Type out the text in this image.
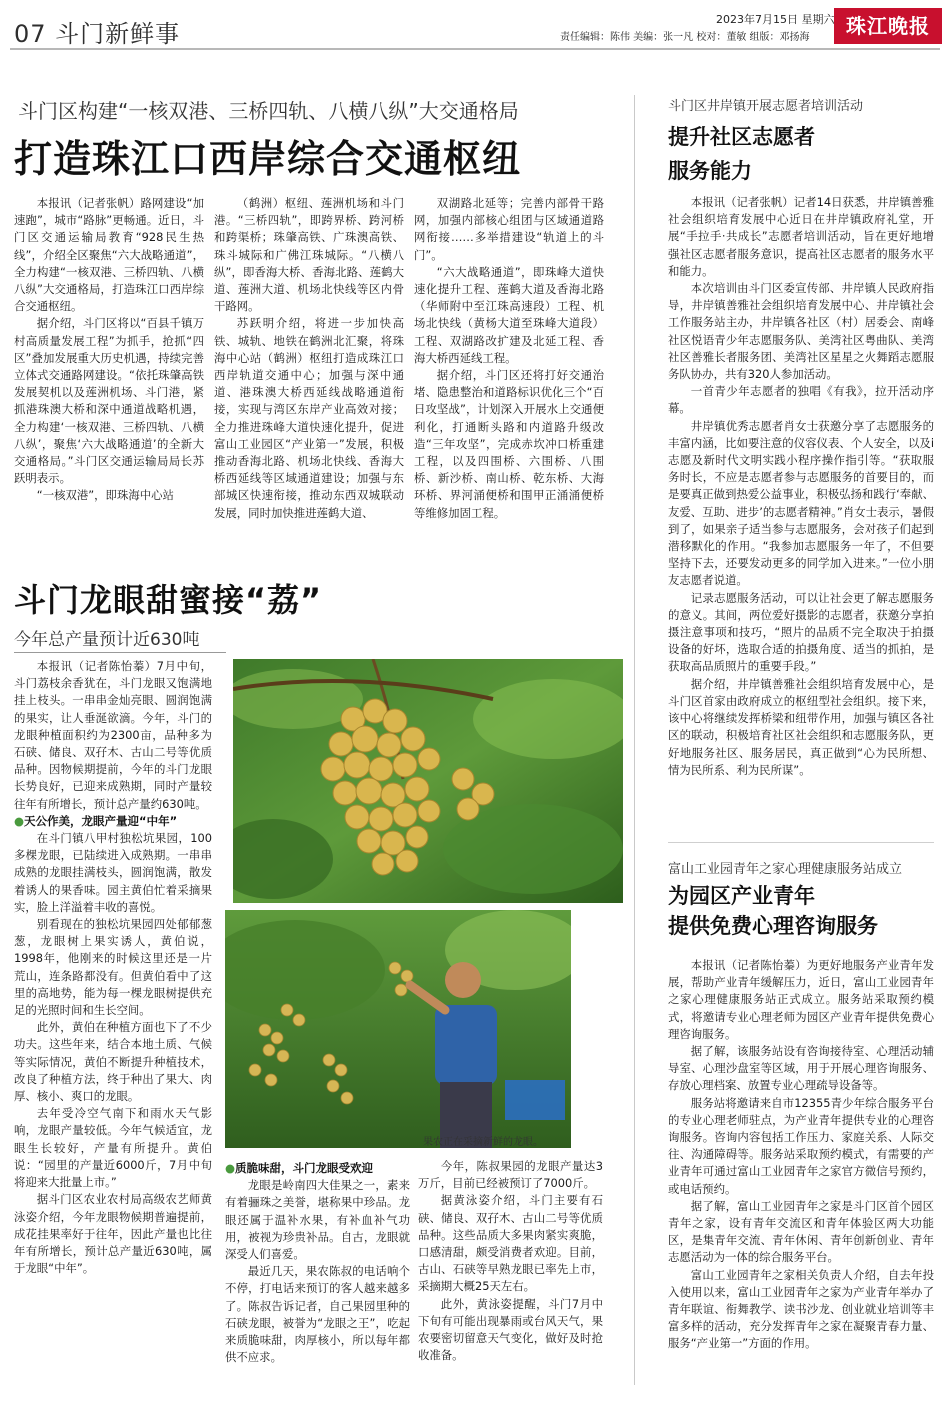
07 斗门新鲜事
2023年7月15日 星期六
责任编辑：陈伟 美编：张一凡 校对：董敏 组版：邓扬海	珠江晚报
斗门区构建“一核双港、三桥四轨、八横八纵”大交通格局
打造珠江口西岸综合交通枢纽

本报讯（记者张帆）路网建设“加速跑”，城市“路脉”更畅通。近日，斗门区交通运输局教育“928民生热线”，介绍全区聚焦“六大战略通道”，全力构建“一核双港、三桥四轨、八横八纵”大交通格局，打造珠江口西岸综合交通枢纽。

据介绍，斗门区将以“百县千镇万村高质量发展工程”为抓手，抢抓“四区”叠加发展重大历史机遇，持续完善立体式交通路网建设。“依托珠肇高铁发展契机以及莲洲机场、斗门港，紧抓港珠澳大桥和深中通道战略机遇，全力构建‘一核双港、三桥四轨、八横八纵’，聚焦‘六大战略通道’的全新大交通格局。”斗门区交通运输局局长苏跃明表示。

“一核双港”，即珠海中心站

（鹤洲）枢纽、莲洲机场和斗门港。“三桥四轨”，即跨界桥、跨河桥和跨渠桥；珠肇高铁、广珠澳高铁、珠斗城际和广佛江珠城际。“八横八纵”，即香海大桥、香海北路、莲鹤大道、莲洲大道、机场北快线等区内骨干路网。

苏跃明介绍，将进一步加快高铁、城轨、地铁在鹤洲北汇聚，将珠海中心站（鹤洲）枢纽打造成珠江口西岸轨道交通中心；加强与深中通道、港珠澳大桥西延线战略通道衔接，实现与湾区东岸产业高效对接；全力推进珠峰大道快速化提升，促进富山工业园区“产业第一”发展，积极推动香海北路、机场北快线、香海大桥西延线等区域通道建设；加强与东部城区快速衔接，推动东西双城联动发展，同时加快推进莲鹤大道、

双湖路北延等；完善内部骨干路网，加强内部核心组团与区域通道路网衔接……多举措建设“轨道上的斗门”。

“六大战略通道”，即珠峰大道快速化提升工程、莲鹤大道及香海北路（华师附中至江珠高速段）工程、机场北快线（黄杨大道至珠峰大道段）工程、双湖路改扩建及北延工程、香海大桥西延线工程。

据介绍，斗门区还将打好交通治堵、隐患整治和道路标识优化三个“百日攻坚战”，计划深入开展水上交通便利化，打通断头路和内道路升级改造“三年攻坚”，完成赤坎冲口桥重建工程，以及四围桥、六围桥、八围桥、新沙桥、南山桥、乾东桥、大海环桥、界河涌便桥和围甲正涌涌便桥等维修加固工程。

斗门龙眼甜蜜接“荔”
今年总产量预计近630吨

本报讯（记者陈怡蓁）7月中旬，斗门荔枝余香犹在，斗门龙眼又饱满地挂上枝头。一串串金灿亮眼、圆润饱满的果实，让人垂涎欲滴。今年，斗门的龙眼种植面积约为2300亩，品种多为石硖、储良、双孖木、古山二号等优质品种。因物候期提前，今年的斗门龙眼长势良好，已迎来成熟期，同时产量较往年有所增长，预计总产量约630吨。

●天公作美，龙眼产量迎“中年”

在斗门镇八甲村独松坑果园，100多棵龙眼，已陆续进入成熟期。一串串成熟的龙眼挂满枝头，圆润饱满，散发着诱人的果香味。园主黄伯忙着采摘果实，脸上洋溢着丰收的喜悦。

别看现在的独松坑果园四处郁郁葱葱，龙眼树上果实诱人，黄伯说，1998年，他刚来的时候这里还是一片荒山，连条路都没有。但黄伯看中了这里的高地势，能为每一棵龙眼树提供充足的光照时间和生长空间。

此外，黄伯在种植方面也下了不少功夫。这些年来，结合本地土质、气候等实际情况，黄伯不断提升种植技术，改良了种植方法，终于种出了果大、肉厚、核小、爽口的龙眼。

去年受冷空气南下和雨水天气影响，龙眼产量较低。今年气候适宜，龙眼生长较好，产量有所提升。黄伯说：“园里的产量近6000斤，7月中旬将迎来大批量上市。”

据斗门区农业农村局高级农艺师黄泳姿介绍，今年龙眼物候期普遍提前，成花挂果率好于往年，因此产量也比往年有所增长，预计总产量近630吨，属于龙眼“中年”。

果农正在采摘新鲜的龙眼。

●质脆味甜，斗门龙眼受欢迎

龙眼是岭南四大佳果之一，素来有着骊珠之美誉，堪称果中珍品。龙眼还属于温补水果，有补血补气功用，被视为珍贵补品。自古，龙眼就深受人们喜爱。

最近几天，果农陈叔的电话响个不停，打电话来预订的客人越来越多了。陈叔告诉记者，自己果园里种的石硖龙眼，被誉为“龙眼之王”，吃起来质脆味甜，肉厚核小，所以每年都供不应求。

今年，陈叔果园的龙眼产量达3万斤，目前已经被预订了7000斤。

据黄泳姿介绍，斗门主要有石硖、储良、双孖木、古山二号等优质品种。这些品质大多果肉紧实爽脆，口感清甜，颇受消费者欢迎。目前，古山、石硖等早熟龙眼已率先上市，采摘期大概25天左右。

此外，黄泳姿提醒，斗门7月中下旬有可能出现暴雨或台风天气，果农要密切留意天气变化，做好及时抢收准备。

斗门区井岸镇开展志愿者培训活动
提升社区志愿者
服务能力

本报讯（记者张帆）记者14日获悉，井岸镇善雅社会组织培育发展中心近日在井岸镇政府礼堂，开展“手拉手·共成长”志愿者培训活动，旨在更好地增强社区志愿者服务意识，提高社区志愿者的服务水平和能力。

本次培训由斗门区委宣传部、井岸镇人民政府指导，井岸镇善雅社会组织培育发展中心、井岸镇社会工作服务站主办，井岸镇各社区（村）居委会、南峰社区悦语青少年志愿服务队、美湾社区粤曲队、美湾社区善雅长者服务团、美湾社区星星之火舞蹈志愿服务队协办，共有320人参加活动。

一首青少年志愿者的独唱《有我》，拉开活动序幕。

井岸镇优秀志愿者肖女士获邀分享了志愿服务的丰富内涵，比如要注意的仪容仪表、个人安全，以及i志愿及新时代文明实践小程序操作指引等。“获取服务时长，不应是志愿者参与志愿服务的首要目的，而是要真正做到热爱公益事业，积极弘扬和践行‘奉献、友爱、互助、进步’的志愿者精神。”肖女士表示，暑假到了，如果亲子适当参与志愿服务，会对孩子们起到潜移默化的作用。“我参加志愿服务一年了，不但要坚持下去，还要发动更多的同学加入进来。”一位小朋友志愿者说道。

记录志愿服务活动，可以让社会更了解志愿服务的意义。其间，两位爱好摄影的志愿者，获邀分享拍摄注意事项和技巧，“照片的品质不完全取决于拍摄设备的好坏，选取合适的拍摄角度、适当的抓拍，是获取高品质照片的重要手段。”

据介绍，井岸镇善雅社会组织培育发展中心，是斗门区首家由政府成立的枢纽型社会组织。接下来，该中心将继续发挥桥梁和纽带作用，加强与镇区各社区的联动，积极培育社区社会组织和志愿服务队，更好地服务社区、服务居民，真正做到“心为民所想、情为民所系、利为民所谋”。

富山工业园青年之家心理健康服务站成立
为园区产业青年
提供免费心理咨询服务

本报讯（记者陈怡蓁）为更好地服务产业青年发展，帮助产业青年缓解压力，近日，富山工业园青年之家心理健康服务站正式成立。服务站采取预约模式，将邀请专业心理老师为园区产业青年提供免费心理咨询服务。

据了解，该服务站设有咨询接待室、心理活动辅导室、心理沙盘室等区域，用于开展心理咨询服务、存放心理档案、放置专业心理疏导设备等。

服务站将邀请来自市12355青少年综合服务平台的专业心理老师驻点，为产业青年提供专业的心理咨询服务。咨询内容包括工作压力、家庭关系、人际交往、沟通障碍等。服务站采取预约模式，有需要的产业青年可通过富山工业园青年之家官方微信号预约，或电话预约。

据了解，富山工业园青年之家是斗门区首个园区青年之家，设有青年交流区和青年体验区两大功能区，是集青年交流、青年休闲、青年创新创业、青年志愿活动为一体的综合服务平台。

富山工业园青年之家相关负责人介绍，自去年投入使用以来，富山工业园青年之家为产业青年举办了青年联谊、衔舞教学、读书沙龙、创业就业培训等丰富多样的活动，充分发挥青年之家在凝聚青春力量、服务“产业第一”方面的作用。
